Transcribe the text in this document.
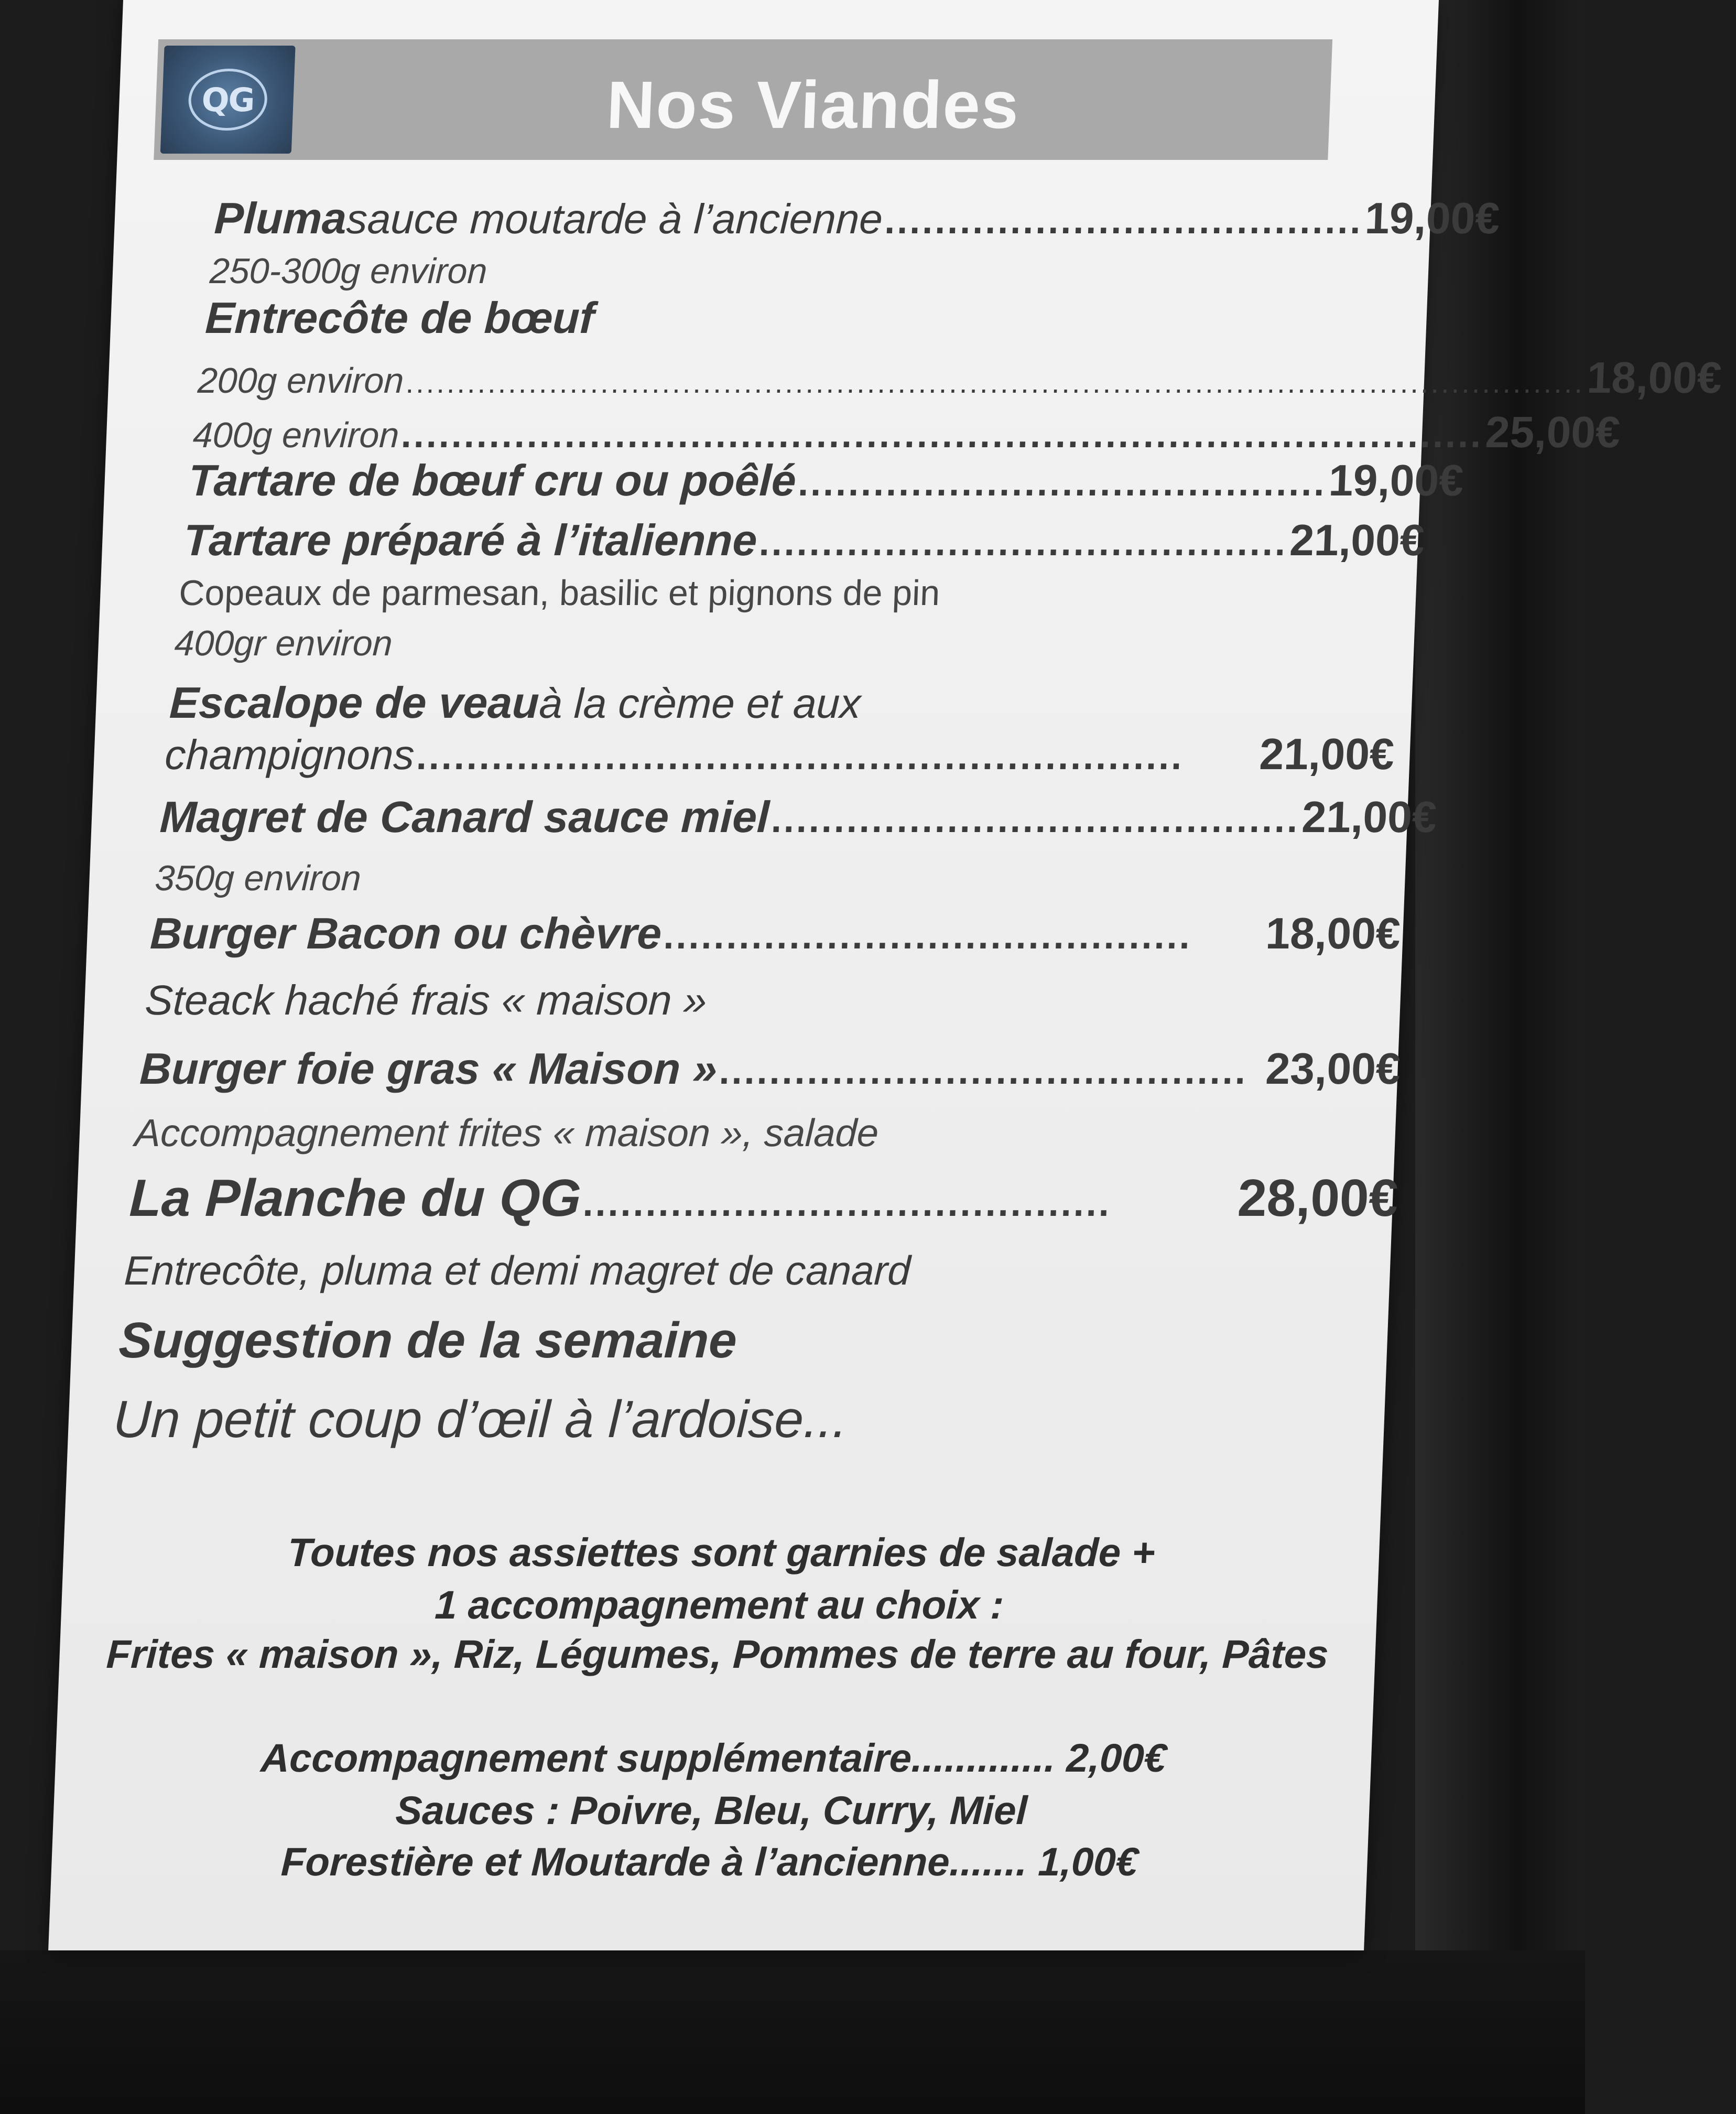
QG	Nos Viandes
Pluma
sauce moutarde à l’ancienne ...................................... 19,00€
250-300g environ
Entrecôte de bœuf
200g environ ................................................................................................................... 18,00€
400g environ ...................................................................................... 25,00€
Tartare de bœuf cru ou poêlé .......................................... 19,00€
Tartare préparé à l’italienne .......................................... 21,00€
Copeaux de parmesan, basilic et pignons de pin
400gr environ
Escalope de veau
à la crème et aux
champignons .............................................................	21,00€
Magret de Canard sauce miel .......................................... 21,00€
350g environ
Burger Bacon ou chèvre ..........................................	18,00€
Steack haché frais « maison »
Burger foie gras « Maison » .......................................... 23,00€
Accompagnement frites « maison », salade
La Planche du QG ..........................................	28,00€
Entrecôte, pluma et demi magret de canard
Suggestion de la semaine
Un petit coup d’œil à l’ardoise...
Toutes nos assiettes sont garnies de salade +
1 accompagnement au choix :
Frites « maison », Riz, Légumes, Pommes de terre au four, Pâtes
Accompagnement supplémentaire............. 2,00€
Sauces : Poivre, Bleu, Curry, Miel
Forestière et Moutarde à l’ancienne....... 1,00€
